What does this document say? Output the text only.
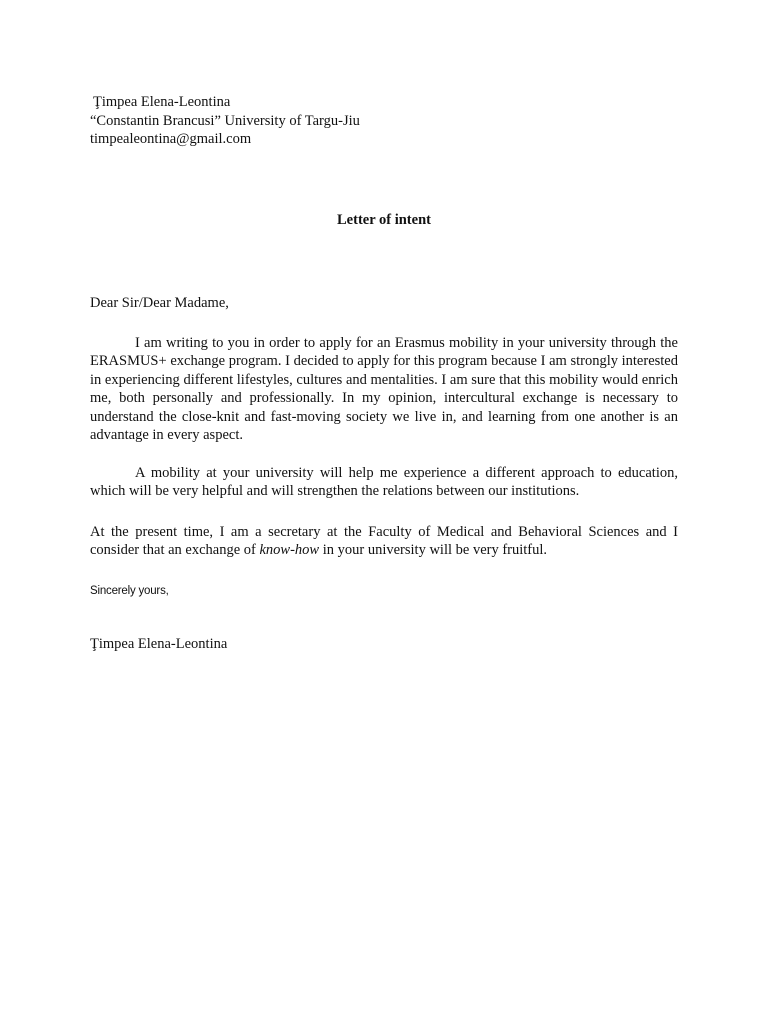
Ţimpea Elena-Leontina
“Constantin Brancusi” University of Targu-Jiu
timpealeontina@gmail.com
Letter of intent
Dear Sir/Dear Madame,

I am writing to you in order to apply for an Erasmus mobility in your university through the ERASMUS+ exchange program. I decided to apply for this program because I am strongly interested in experiencing different lifestyles, cultures and mentalities. I am sure that this mobility would enrich me, both personally and professionally. In my opinion, intercultural exchange is necessary to understand the close-knit and fast-moving society we live in, and learning from one another is an advantage in every aspect.

A mobility at your university will help me experience a different approach to education, which will be very helpful and will strengthen the relations between our institutions.

At the present time, I am a secretary at the Faculty of Medical and Behavioral Sciences and I consider that an exchange of know-how in your university will be very fruitful.

Sincerely yours,
Ţimpea Elena-Leontina
